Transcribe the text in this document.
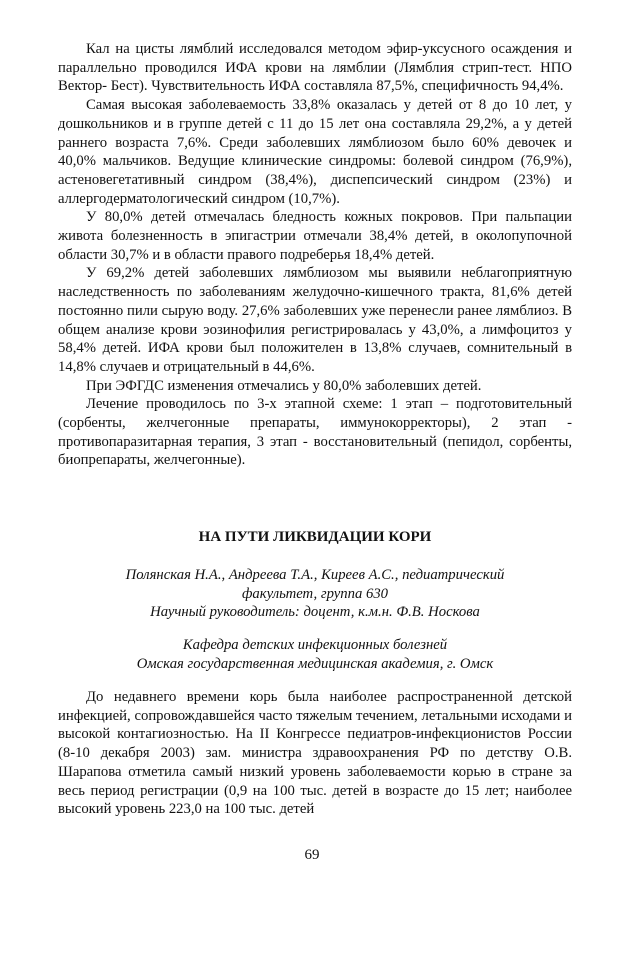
Кал на цисты лямблий исследовался методом эфир-уксусного осаждения и параллельно проводился ИФА крови на лямблии (Лямблия стрип-тест. НПО Вектор- Бест). Чувствительность ИФА составляла 87,5%, специфичность 94,4%.

Самая высокая заболеваемость 33,8% оказалась у детей от 8 до 10 лет, у дошкольников и в группе детей с 11 до 15 лет она составляла 29,2%, а у детей раннего возраста 7,6%. Среди заболевших лямблиозом было 60% девочек и 40,0% мальчиков. Ведущие клинические синдромы: болевой синдром (76,9%), астеновегетативный синдром (38,4%), диспепсический синдром (23%) и аллергодерматологический синдром (10,7%).

У 80,0% детей отмечалась бледность кожных покровов. При пальпации живота болезненность в эпигастрии отмечали 38,4% детей, в околопупочной области 30,7% и в области правого подреберья 18,4% детей.

У 69,2% детей заболевших лямблиозом мы выявили неблагоприятную наследственность по заболеваниям желудочно-кишечного тракта, 81,6% детей постоянно пили сырую воду. 27,6% заболевших уже перенесли ранее лямблиоз. В общем анализе крови эозинофилия регистрировалась у 43,0%, а лимфоцитоз у 58,4% детей. ИФА крови был положителен в 13,8% случаев, сомнительный в 14,8% случаев и отрицательный в 44,6%.

При ЭФГДС изменения отмечались у 80,0% заболевших детей.

Лечение проводилось по 3-х этапной схеме: 1 этап – подготовительный (сорбенты, желчегонные препараты, иммунокорректоры), 2 этап - противопаразитарная терапия, 3 этап - восстановительный (пепидол, сорбенты, биопрепараты, желчегонные).

НА ПУТИ ЛИКВИДАЦИИ КОРИ
Полянская Н.А., Андреева Т.А., Киреев А.С., педиатрический
факультет, группа 630
Научный руководитель: доцент, к.м.н. Ф.В. Носкова
Кафедра детских инфекционных болезней
Омская государственная медицинская академия, г. Омск

До недавнего времени корь была наиболее распространенной детской инфекцией, сопровождавшейся часто тяжелым течением, летальными исходами и высокой контагиозностью. На II Конгрессе педиатров-инфекционистов России (8-10 декабря 2003) зам. министра здравоохранения РФ по детству О.В. Шарапова отметила самый низкий уровень заболеваемости корью в стране за весь период регистрации (0,9 на 100 тыс. детей в возрасте до 15 лет; наиболее высокий уровень 223,0 на 100 тыс. детей

69
